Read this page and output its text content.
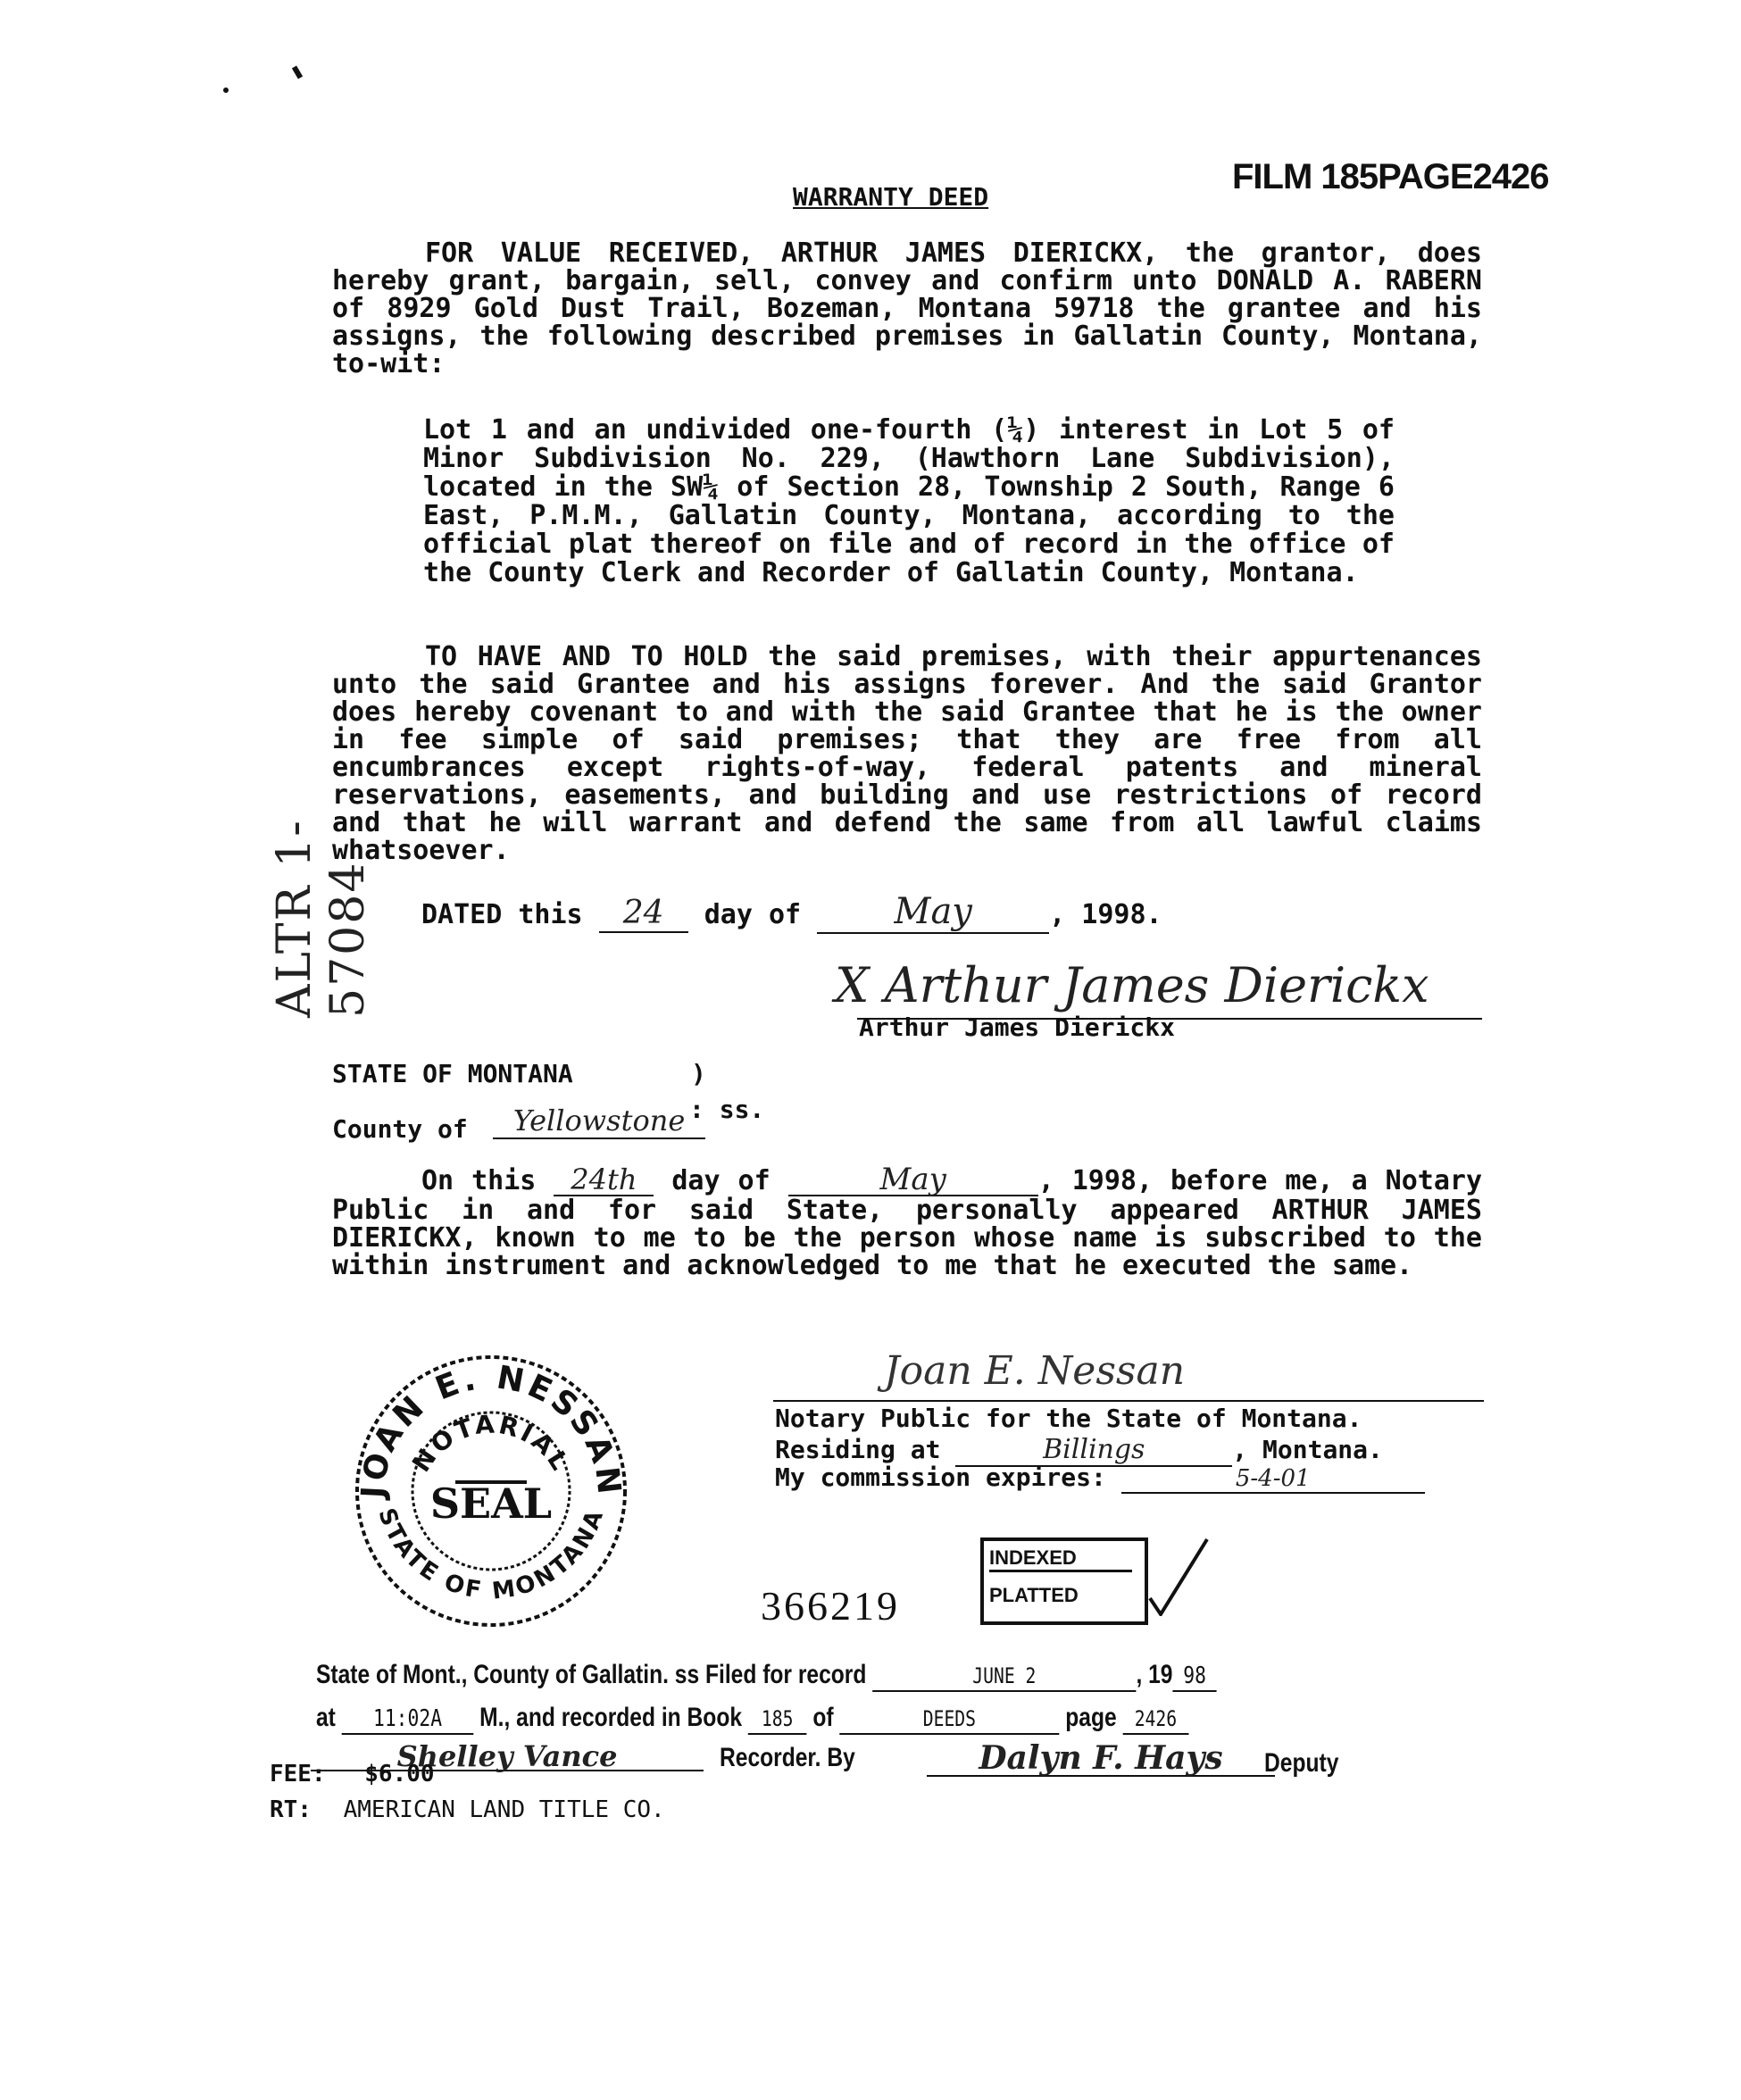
WARRANTY DEED
FILM 185PAGE2426
ALTR 1-57084
FOR VALUE RECEIVED, ARTHUR JAMES DIERICKX, the grantor, does hereby grant, bargain, sell, convey and confirm unto DONALD A. RABERN of 8929 Gold Dust Trail, Bozeman, Montana 59718 the grantee and his assigns, the following described premises in Gallatin County, Montana, to-wit:
Lot 1 and an undivided one-fourth (¼) interest in Lot 5 of Minor Subdivision No. 229, (Hawthorn Lane Subdivision), located in the SW¼ of Section 28, Township 2 South, Range 6 East, P.M.M., Gallatin County, Montana, according to the official plat thereof on file and of record in the office of the County Clerk and Recorder of Gallatin County, Montana.
TO HAVE AND TO HOLD the said premises, with their appurtenances unto the said Grantee and his assigns forever. And the said Grantor does hereby covenant to and with the said Grantee that he is the owner in fee simple of said premises; that they are free from all encumbrances except rights-of-way, federal patents and mineral reservations, easements, and building and use restrictions of record and that he will warrant and defend the same from all lawful claims whatsoever.
DATED this 24 day of	May	, 1998.
X Arthur James Dierickx
Arthur James Dierickx
STATE OF MONTANA	)
: ss.
County of	Yellowstone
On this 24th day of	May	, 1998, before me, a Notary Public in and for said State, personally appeared ARTHUR JAMES DIERICKX, known to me to be the person whose name is subscribed to the within instrument and acknowledged to me that he executed the same.
JOAN E. NESSAN
NOTARIAL
SEAL
STATE OF MONTANA
Joan E. Nessan
Notary Public for the State of Montana.
Residing at	Billings	, Montana.
My commission expires:	5-4-01
INDEXED
PLATTED
366219
State of Mont., County of Gallatin. ss Filed for record	JUNE 2	, 19 98
at 11:02A M., and recorded in Book 185 of	DEEDS	page 2426
Shelley Vance	Recorder. By	Dalyn F. Hays	Deputy
FEE: $6.00
RT: AMERICAN LAND TITLE CO.
